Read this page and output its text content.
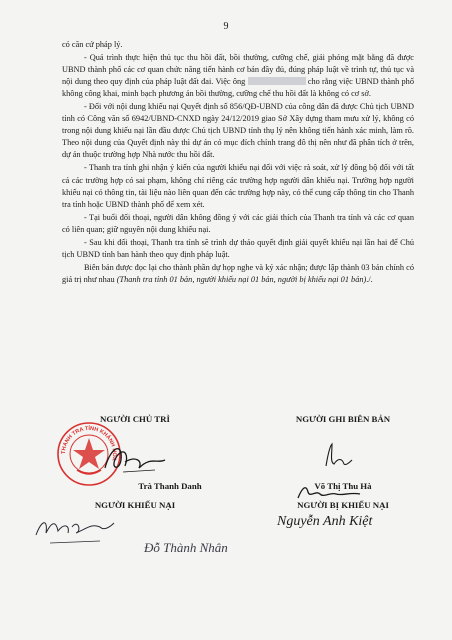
9

có căn cứ pháp lý.

- Quá trình thực hiện thủ tục thu hồi đất, bồi thường, cưỡng chế, giải phóng mặt bằng đã được UBND thành phố các cơ quan chức năng tiến hành cơ bản đầy đủ, đúng pháp luật về trình tự, thủ tục và nội dung theo quy định của pháp luật đất đai. Việc ông	cho rằng việc UBND thành phố không công khai, minh bạch phương án bồi thường, cưỡng chế thu hồi đất là không có cơ sở.

- Đối với nội dung khiếu nại Quyết định số 856/QĐ-UBND của công dân đã được Chủ tịch UBND tỉnh có Công văn số 6942/UBND-CNXD ngày 24/12/2019 giao Sở Xây dựng tham mưu xử lý, không có trong nội dung khiếu nại lần đầu được Chủ tịch UBND tỉnh thụ lý nên không tiến hành xác minh, làm rõ. Theo nội dung của Quyết định này thì dự án có mục đích chỉnh trang đô thị nên như đã phân tích ở trên, dự án thuộc trường hợp Nhà nước thu hồi đất.

- Thanh tra tỉnh ghi nhận ý kiến của người khiếu nại đối với việc rà soát, xử lý đồng bộ đối với tất cả các trường hợp có sai phạm, không chỉ riêng các trường hợp người dân khiếu nại. Trường hợp người khiếu nại có thông tin, tài liệu nào liên quan đến các trường hợp này, có thể cung cấp thông tin cho Thanh tra tỉnh hoặc UBND thành phố để xem xét.

- Tại buổi đối thoại, người dân không đồng ý với các giải thích của Thanh tra tỉnh và các cơ quan có liên quan; giữ nguyên nội dung khiếu nại.

- Sau khi đối thoại, Thanh tra tỉnh sẽ trình dự thảo quyết định giải quyết khiếu nại lần hai để Chủ tịch UBND tỉnh ban hành theo quy định pháp luật.

Biên bản được đọc lại cho thành phần dự họp nghe và ký xác nhận; được lập thành 03 bản chính có giá trị như nhau (Thanh tra tỉnh 01 bản, người khiếu nại 01 bản, người bị khiếu nại 01 bản)./.

NGƯỜI CHỦ TRÌ	NGƯỜI GHI BIÊN BẢN
Trà Thanh Danh	Võ Thị Thu Hà
NGƯỜI KHIẾU NẠI	NGƯỜI BỊ KHIẾU NẠI
THANH TRA TỈNH KHÁNH HÒA
Đỗ Thành Nhân
Nguyễn Anh Kiệt
